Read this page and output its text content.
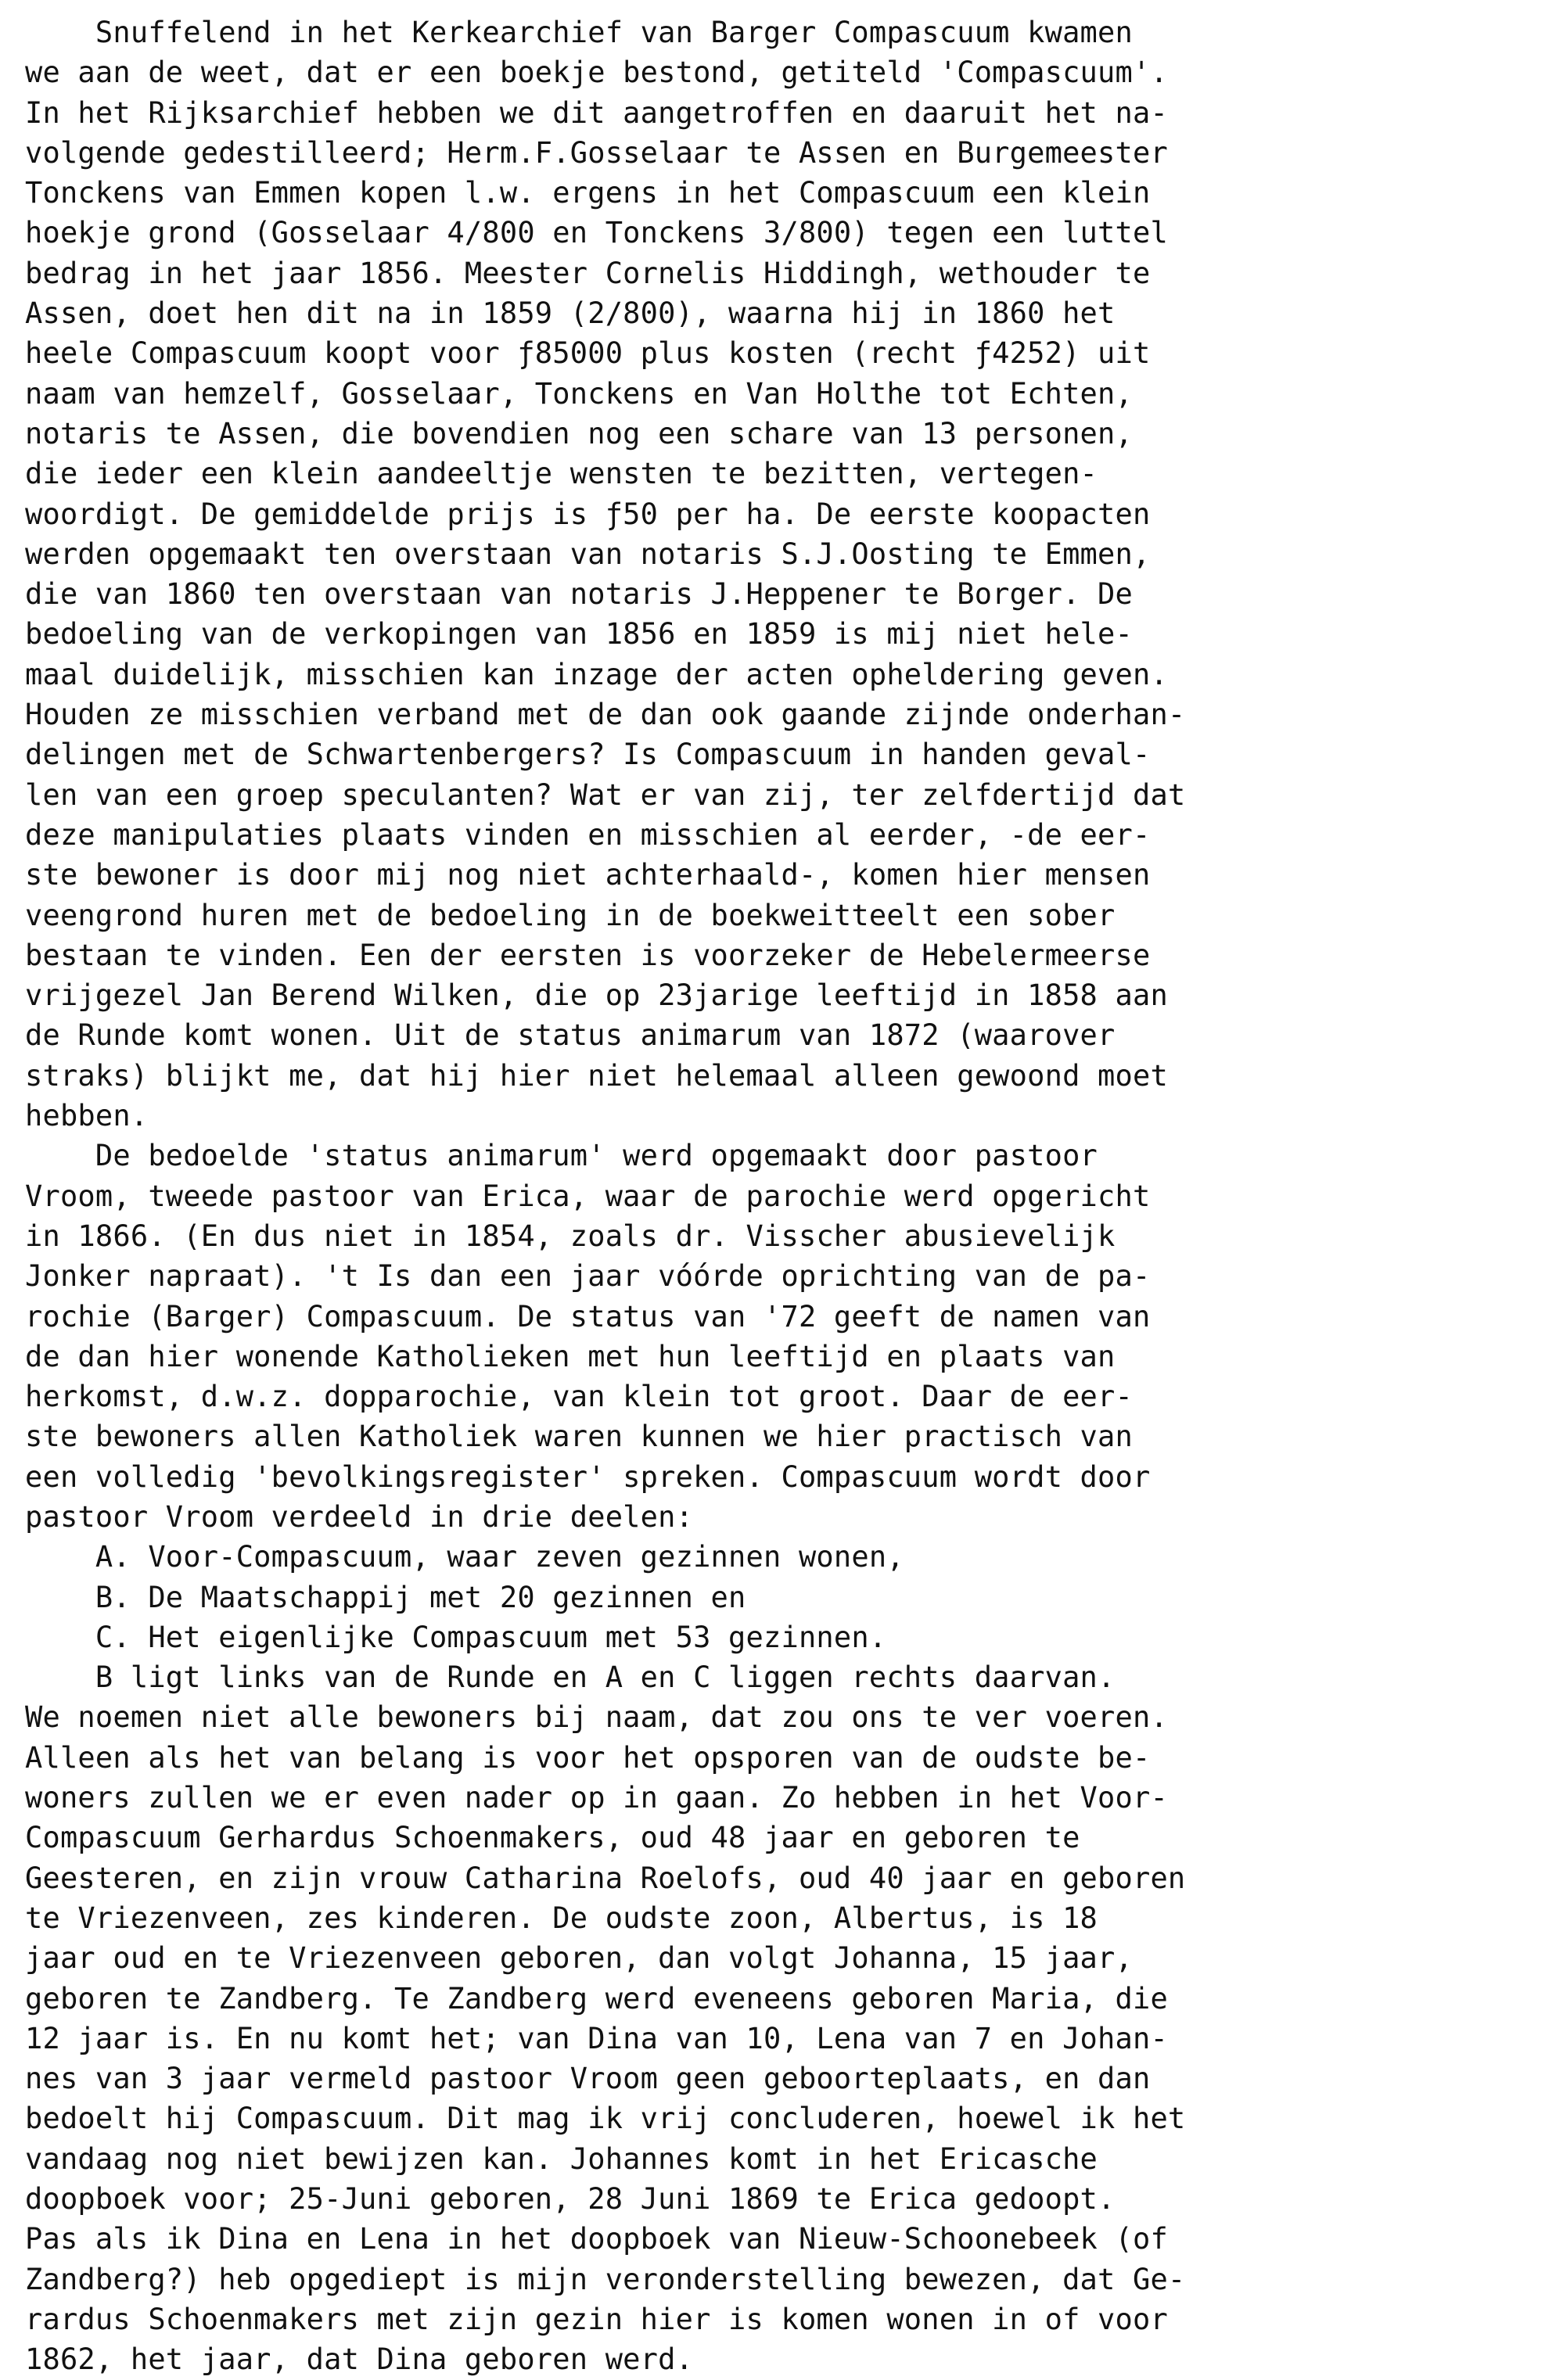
Snuffelend in het Kerkearchief van Barger Compascuum kwamen
we aan de weet, dat er een boekje bestond, getiteld 'Compascuum'.
In het Rijksarchief hebben we dit aangetroffen en daaruit het na-
volgende gedestilleerd; Herm.F.Gosselaar te Assen en Burgemeester
Tonckens van Emmen kopen l.w. ergens in het Compascuum een klein
hoekje grond (Gosselaar 4/800 en Tonckens 3/800) tegen een luttel
bedrag in het jaar 1856. Meester Cornelis Hiddingh, wethouder te
Assen, doet hen dit na in 1859 (2/800), waarna hij in 1860 het
heele Compascuum koopt voor ƒ85000 plus kosten (recht ƒ4252) uit
naam van hemzelf, Gosselaar, Tonckens en Van Holthe tot Echten,
notaris te Assen, die bovendien nog een schare van 13 personen,
die ieder een klein aandeeltje wensten te bezitten, vertegen-
woordigt. De gemiddelde prijs is ƒ50 per ha. De eerste koopacten
werden opgemaakt ten overstaan van notaris S.J.Oosting te Emmen,
die van 1860 ten overstaan van notaris J.Heppener te Borger. De
bedoeling van de verkopingen van 1856 en 1859 is mij niet hele-
maal duidelijk, misschien kan inzage der acten opheldering geven.
Houden ze misschien verband met de dan ook gaande zijnde onderhan-
delingen met de Schwartenbergers? Is Compascuum in handen geval-
len van een groep speculanten? Wat er van zij, ter zelfdertijd dat
deze manipulaties plaats vinden en misschien al eerder, -de eer-
ste bewoner is door mij nog niet achterhaald-, komen hier mensen
veengrond huren met de bedoeling in de boekweitteelt een sober
bestaan te vinden. Een der eersten is voorzeker de Hebelermeerse
vrijgezel Jan Berend Wilken, die op 23jarige leeftijd in 1858 aan
de Runde komt wonen. Uit de status animarum van 1872 (waarover
straks) blijkt me, dat hij hier niet helemaal alleen gewoond moet
hebben.
De bedoelde 'status animarum' werd opgemaakt door pastoor
Vroom, tweede pastoor van Erica, waar de parochie werd opgericht
in 1866. (En dus niet in 1854, zoals dr. Visscher abusievelijk
Jonker napraat). 't Is dan een jaar vóórde oprichting van de pa-
rochie (Barger) Compascuum. De status van '72 geeft de namen van
de dan hier wonende Katholieken met hun leeftijd en plaats van
herkomst, d.w.z. dopparochie, van klein tot groot. Daar de eer-
ste bewoners allen Katholiek waren kunnen we hier practisch van
een volledig 'bevolkingsregister' spreken. Compascuum wordt door
pastoor Vroom verdeeld in drie deelen:
A. Voor-Compascuum, waar zeven gezinnen wonen,
B. De Maatschappij met 20 gezinnen en
C. Het eigenlijke Compascuum met 53 gezinnen.
B ligt links van de Runde en A en C liggen rechts daarvan.
We noemen niet alle bewoners bij naam, dat zou ons te ver voeren.
Alleen als het van belang is voor het opsporen van de oudste be-
woners zullen we er even nader op in gaan. Zo hebben in het Voor-
Compascuum Gerhardus Schoenmakers, oud 48 jaar en geboren te
Geesteren, en zijn vrouw Catharina Roelofs, oud 40 jaar en geboren
te Vriezenveen, zes kinderen. De oudste zoon, Albertus, is 18
jaar oud en te Vriezenveen geboren, dan volgt Johanna, 15 jaar,
geboren te Zandberg. Te Zandberg werd eveneens geboren Maria, die
12 jaar is. En nu komt het; van Dina van 10, Lena van 7 en Johan-
nes van 3 jaar vermeld pastoor Vroom geen geboorteplaats, en dan
bedoelt hij Compascuum. Dit mag ik vrij concluderen, hoewel ik het
vandaag nog niet bewijzen kan. Johannes komt in het Ericasche
doopboek voor; 25-Juni geboren, 28 Juni 1869 te Erica gedoopt.
Pas als ik Dina en Lena in het doopboek van Nieuw-Schoonebeek (of
Zandberg?) heb opgediept is mijn veronderstelling bewezen, dat Ge-
rardus Schoenmakers met zijn gezin hier is komen wonen in of voor
1862, het jaar, dat Dina geboren werd.
